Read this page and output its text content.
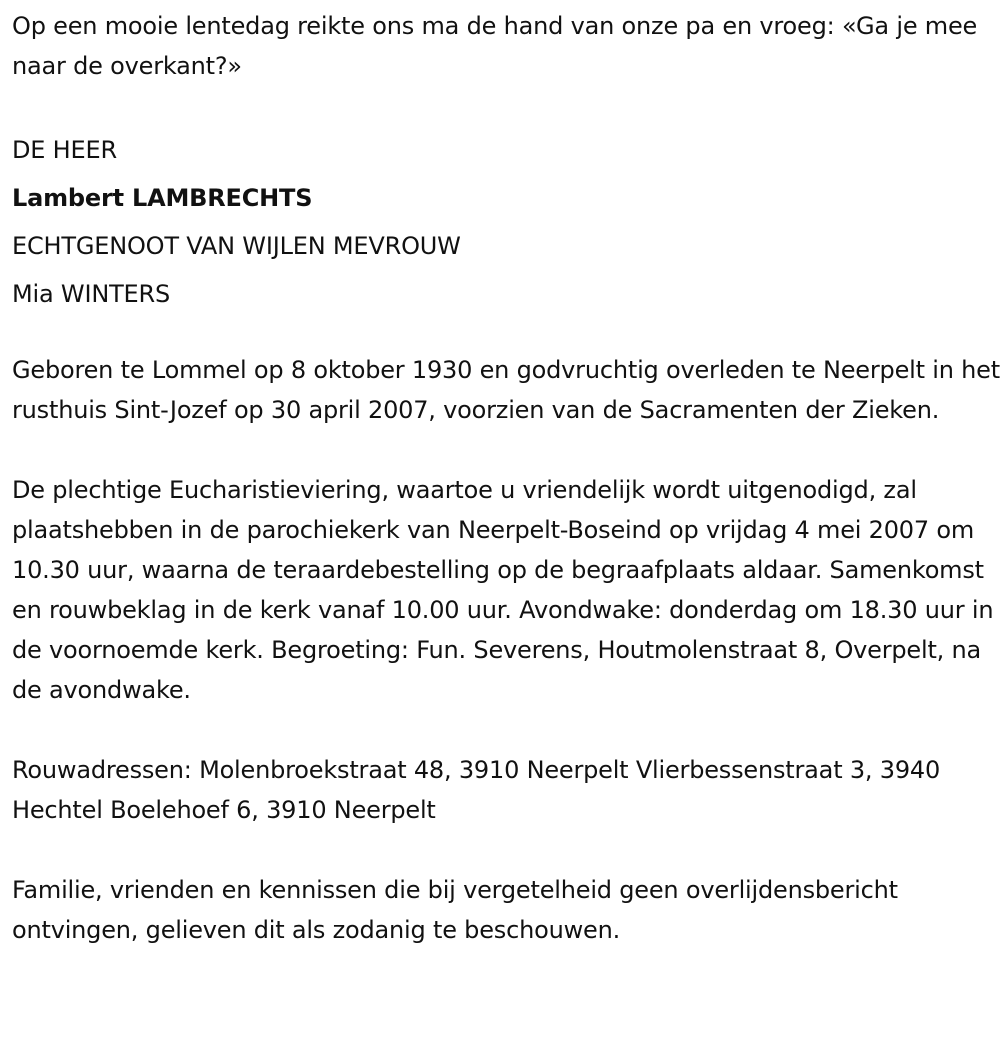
Op een mooie lentedag reikte ons ma de hand van onze pa en vroeg: «Ga je mee naar de overkant?»

DE HEER

Lambert LAMBRECHTS

ECHTGENOOT VAN WIJLEN MEVROUW

Mia WINTERS

Geboren te Lommel op 8 oktober 1930 en godvruchtig overleden te Neerpelt in het rusthuis Sint-Jozef op 30 april 2007, voorzien van de Sacramenten der Zieken.

De plechtige Eucharistieviering, waartoe u vriendelijk wordt uitgenodigd, zal plaatshebben in de parochiekerk van Neerpelt-Boseind op vrijdag 4 mei 2007 om 10.30 uur, waarna de teraardebestelling op de begraafplaats aldaar. Samenkomst en rouwbeklag in de kerk vanaf 10.00 uur. Avondwake: donderdag om 18.30 uur in de voornoemde kerk. Begroeting: Fun. Severens, Houtmolenstraat 8, Overpelt, na de avondwake.

Rouwadressen: Molenbroekstraat 48, 3910 Neerpelt Vlierbessenstraat 3, 3940 Hechtel Boelehoef 6, 3910 Neerpelt

Familie, vrienden en kennissen die bij vergetelheid geen overlijdensbericht ontvingen, gelieven dit als zodanig te beschouwen.
